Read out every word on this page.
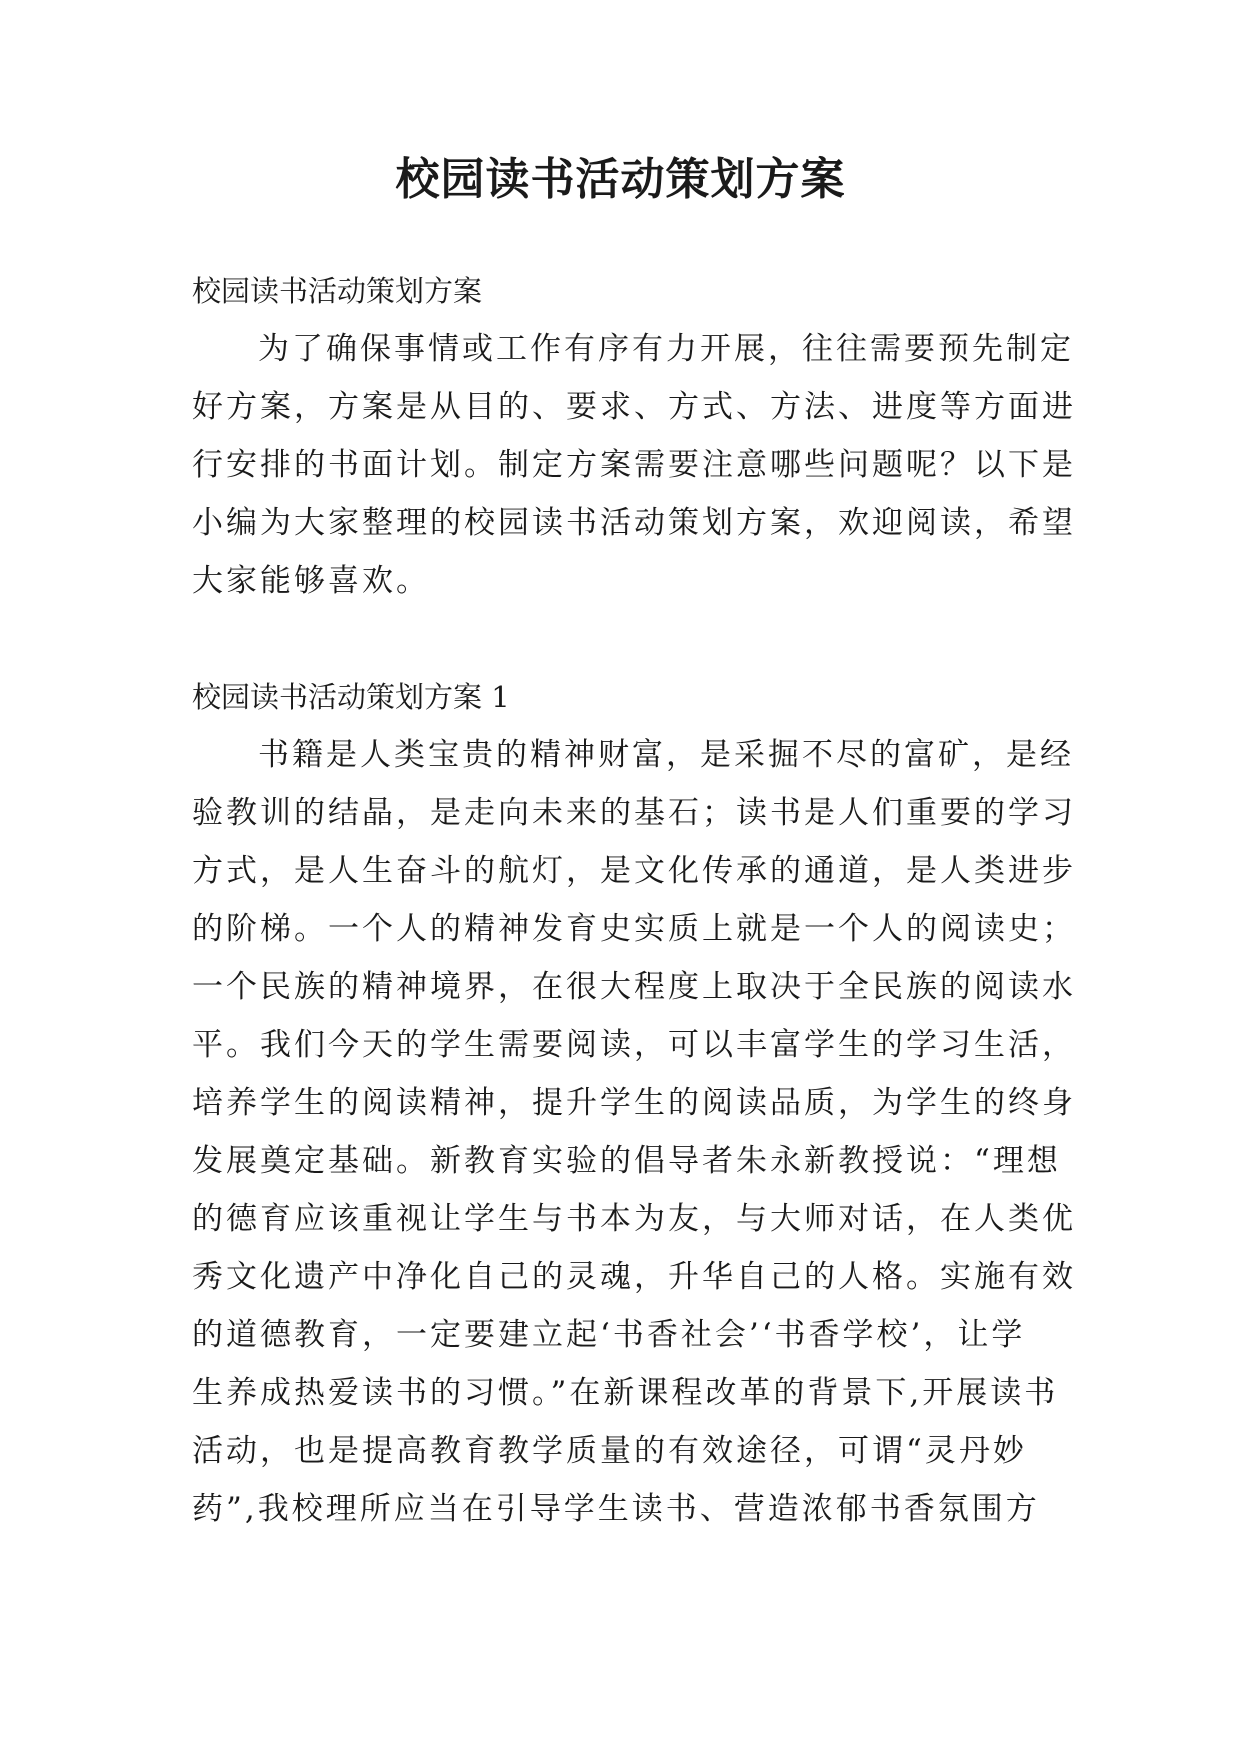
校园读书活动策划方案

校园读书活动策划方案

为了确保事情或工作有序有力开展，往往需要预先制定

好方案，方案是从目的、要求、方式、方法、进度等方面进

行安排的书面计划。制定方案需要注意哪些问题呢？以下是

小编为大家整理的校园读书活动策划方案，欢迎阅读，希望

大家能够喜欢。

校园读书活动策划方案 1

书籍是人类宝贵的精神财富，是采掘不尽的富矿，是经

验教训的结晶，是走向未来的基石；读书是人们重要的学习

方式，是人生奋斗的航灯，是文化传承的通道，是人类进步

的阶梯。一个人的精神发育史实质上就是一个人的阅读史；

一个民族的精神境界，在很大程度上取决于全民族的阅读水

平。我们今天的学生需要阅读，可以丰富学生的学习生活，

培养学生的阅读精神，提升学生的阅读品质，为学生的终身

发展奠定基础。新教育实验的倡导者朱永新教授说：“理想

的德育应该重视让学生与书本为友，与大师对话，在人类优

秀文化遗产中净化自己的灵魂，升华自己的人格。实施有效

的道德教育，一定要建立起‘书香社会’‘书香学校’，让学

生养成热爱读书的习惯。”在新课程改革的背景下,开展读书

活动，也是提高教育教学质量的有效途径，可谓“灵丹妙

药”,我校理所应当在引导学生读书、营造浓郁书香氛围方
